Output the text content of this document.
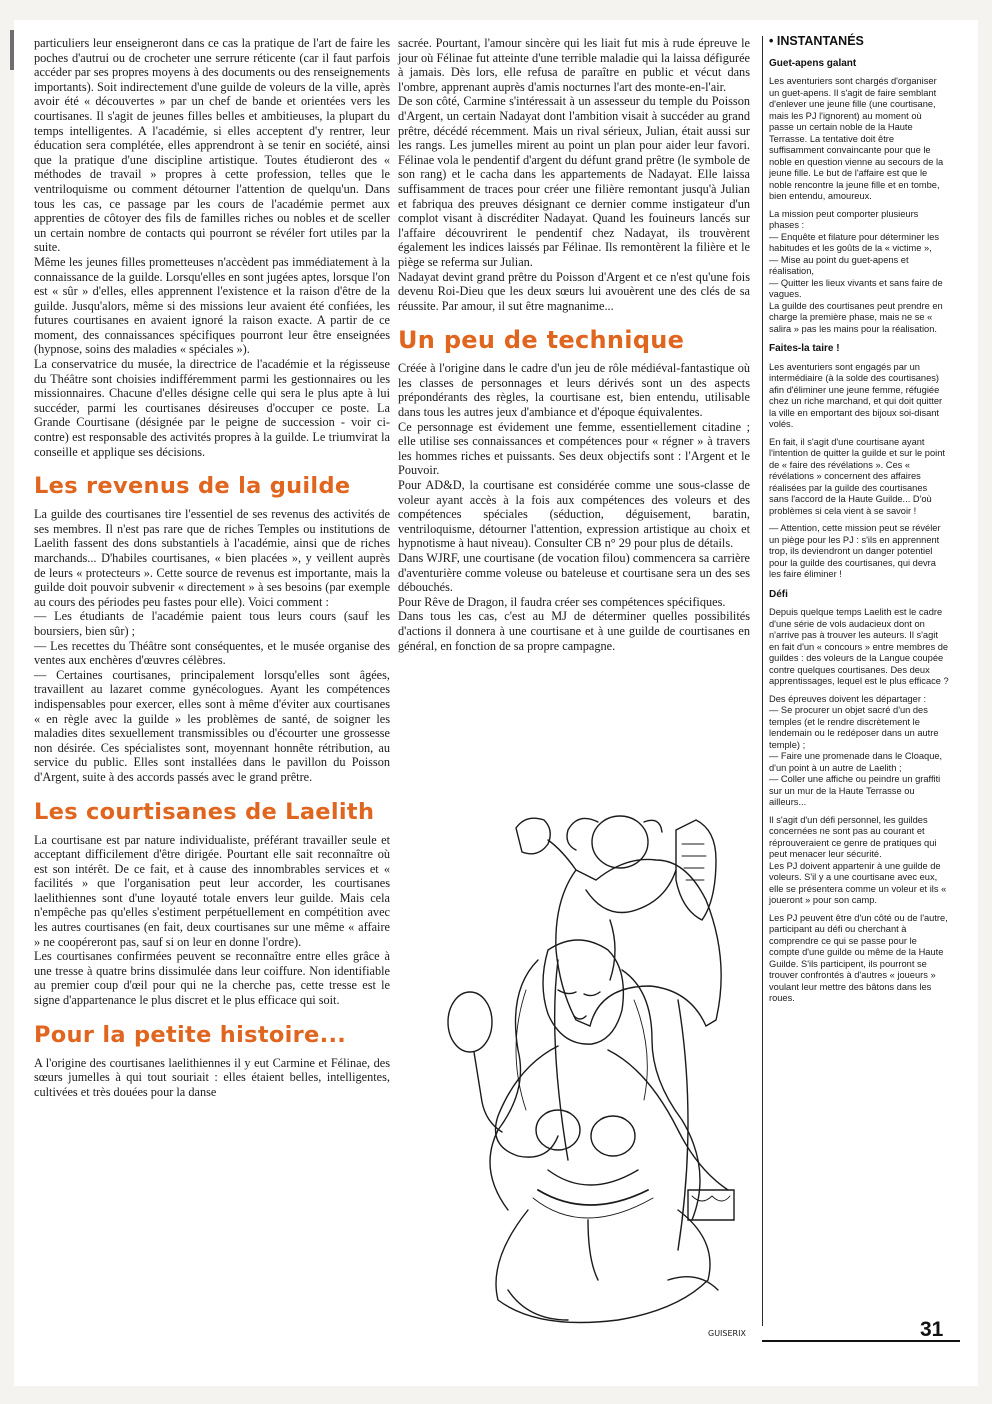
particuliers leur enseigneront dans ce cas la pratique de l'art de faire les poches d'autrui ou de crocheter une serrure réticente (car il faut parfois accéder par ses propres moyens à des documents ou des renseignements importants). Soit indirectement d'une guilde de voleurs de la ville, après avoir été « découvertes » par un chef de bande et orientées vers les courtisanes. Il s'agit de jeunes filles belles et ambitieuses, la plupart du temps intelligentes. A l'académie, si elles acceptent d'y rentrer, leur éducation sera complétée, elles apprendront à se tenir en société, ainsi que la pratique d'une discipline artistique. Toutes étudieront des « méthodes de travail » propres à cette profession, telles que le ventriloquisme ou comment détourner l'attention de quelqu'un. Dans tous les cas, ce passage par les cours de l'académie permet aux apprenties de côtoyer des fils de familles riches ou nobles et de sceller un certain nombre de contacts qui pourront se révéler fort utiles par la suite.

Même les jeunes filles prometteuses n'accèdent pas immédiatement à la connaissance de la guilde. Lorsqu'elles en sont jugées aptes, lorsque l'on est « sûr » d'elles, elles apprennent l'existence et la raison d'être de la guilde. Jusqu'alors, même si des missions leur avaient été confiées, les futures courtisanes en avaient ignoré la raison exacte. A partir de ce moment, des connaissances spécifiques pourront leur être enseignées (hypnose, soins des maladies « spéciales »).

La conservatrice du musée, la directrice de l'académie et la régisseuse du Théâtre sont choisies indifféremment parmi les gestionnaires ou les missionnaires. Chacune d'elles désigne celle qui sera le plus apte à lui succéder, parmi les courtisanes désireuses d'occuper ce poste. La Grande Courtisane (désignée par le peigne de succession - voir ci-contre) est responsable des activités propres à la guilde. Le triumvirat la conseille et applique ses décisions.

Les revenus de la guilde

La guilde des courtisanes tire l'essentiel de ses revenus des activités de ses membres. Il n'est pas rare que de riches Temples ou institutions de Laelith fassent des dons substantiels à l'académie, ainsi que de riches marchands... D'habiles courtisanes, « bien placées », y veillent auprès de leurs « protecteurs ». Cette source de revenus est importante, mais la guilde doit pouvoir subvenir « directement » à ses besoins (par exemple au cours des périodes peu fastes pour elle). Voici comment :

— Les étudiants de l'académie paient tous leurs cours (sauf les boursiers, bien sûr) ;

— Les recettes du Théâtre sont conséquentes, et le musée organise des ventes aux enchères d'œuvres célèbres.

— Certaines courtisanes, principalement lorsqu'elles sont âgées, travaillent au lazaret comme gynécologues. Ayant les compétences indispensables pour exercer, elles sont à même d'éviter aux courtisanes « en règle avec la guilde » les problèmes de santé, de soigner les maladies dites sexuellement transmissibles ou d'écourter une grossesse non désirée. Ces spécialistes sont, moyennant honnête rétribution, au service du public. Elles sont installées dans le pavillon du Poisson d'Argent, suite à des accords passés avec le grand prêtre.

Les courtisanes de Laelith

La courtisane est par nature individualiste, préférant travailler seule et acceptant difficilement d'être dirigée. Pourtant elle sait reconnaître où est son intérêt. De ce fait, et à cause des innombrables services et « facilités » que l'organisation peut leur accorder, les courtisanes laelithiennes sont d'une loyauté totale envers leur guilde. Mais cela n'empêche pas qu'elles s'estiment perpétuellement en compétition avec les autres courtisanes (en fait, deux courtisanes sur une même « affaire » ne coopéreront pas, sauf si on leur en donne l'ordre).

Les courtisanes confirmées peuvent se reconnaître entre elles grâce à une tresse à quatre brins dissimulée dans leur coiffure. Non identifiable au premier coup d'œil pour qui ne la cherche pas, cette tresse est le signe d'appartenance le plus discret et le plus efficace qui soit.

Pour la petite histoire...

A l'origine des courtisanes laelithiennes il y eut Carmine et Félinae, des sœurs jumelles à qui tout souriait : elles étaient belles, intelligentes, cultivées et très douées pour la danse

sacrée. Pourtant, l'amour sincère qui les liait fut mis à rude épreuve le jour où Félinae fut atteinte d'une terrible maladie qui la laissa défigurée à jamais. Dès lors, elle refusa de paraître en public et vécut dans l'ombre, apprenant auprès d'amis nocturnes l'art des monte-en-l'air.

De son côté, Carmine s'intéressait à un assesseur du temple du Poisson d'Argent, un certain Nadayat dont l'ambition visait à succéder au grand prêtre, décédé récemment. Mais un rival sérieux, Julian, était aussi sur les rangs. Les jumelles mirent au point un plan pour aider leur favori. Félinae vola le pendentif d'argent du défunt grand prêtre (le symbole de son rang) et le cacha dans les appartements de Nadayat. Elle laissa suffisamment de traces pour créer une filière remontant jusqu'à Julian et fabriqua des preuves désignant ce dernier comme instigateur d'un complot visant à discréditer Nadayat. Quand les fouineurs lancés sur l'affaire découvrirent le pendentif chez Nadayat, ils trouvèrent également les indices laissés par Félinae. Ils remontèrent la filière et le piège se referma sur Julian.

Nadayat devint grand prêtre du Poisson d'Argent et ce n'est qu'une fois devenu Roi-Dieu que les deux sœurs lui avouèrent une des clés de sa réussite. Par amour, il sut être magnanime...

Un peu de technique

Créée à l'origine dans le cadre d'un jeu de rôle médiéval-fantastique où les classes de personnages et leurs dérivés sont un des aspects prépondérants des règles, la courtisane est, bien entendu, utilisable dans tous les autres jeux d'ambiance et d'époque équivalentes.

Ce personnage est évidement une femme, essentiellement citadine ; elle utilise ses connaissances et compétences pour « régner » à travers les hommes riches et puissants. Ses deux objectifs sont : l'Argent et le Pouvoir.

Pour AD&D, la courtisane est considérée comme une sous-classe de voleur ayant accès à la fois aux compétences des voleurs et des compétences spéciales (séduction, déguisement, baratin, ventriloquisme, détourner l'attention, expression artistique au choix et hypnotisme à haut niveau). Consulter CB n° 29 pour plus de détails.

Dans WJRF, une courtisane (de vocation filou) commencera sa carrière d'aventurière comme voleuse ou bateleuse et courtisane sera un des ses débouchés.

Pour Rêve de Dragon, il faudra créer ses compétences spécifiques.

Dans tous les cas, c'est au MJ de déterminer quelles possibilités d'actions il donnera à une courtisane et à une guilde de courtisanes en général, en fonction de sa propre campagne.

GUISERIX
• INSTANTANÉS
Guet-apens galant

Les aventuriers sont chargés d'organiser un guet-apens. Il s'agit de faire semblant d'enlever une jeune fille (une courtisane, mais les PJ l'ignorent) au moment où passe un certain noble de la Haute Terrasse. La tentative doit être suffisamment convaincante pour que le noble en question vienne au secours de la jeune fille. Le but de l'affaire est que le noble rencontre la jeune fille et en tombe, bien entendu, amoureux.

La mission peut comporter plusieurs phases :
— Enquête et filature pour déterminer les habitudes et les goûts de la « victime »,
— Mise au point du guet-apens et réalisation,
— Quitter les lieux vivants et sans faire de vagues.
La guilde des courtisanes peut prendre en charge la première phase, mais ne se « salira » pas les mains pour la réalisation.

Faites-la taire !

Les aventuriers sont engagés par un intermédiaire (à la solde des courtisanes) afin d'éliminer une jeune femme, réfugiée chez un riche marchand, et qui doit quitter la ville en emportant des bijoux soi-disant volés.

En fait, il s'agit d'une courtisane ayant l'intention de quitter la guilde et sur le point de « faire des révélations ». Ces « révélations » concernent des affaires réalisées par la guilde des courtisanes sans l'accord de la Haute Guilde... D'où problèmes si cela vient à se savoir !

— Attention, cette mission peut se révéler un piège pour les PJ : s'ils en apprennent trop, ils deviendront un danger potentiel pour la guilde des courtisanes, qui devra les faire éliminer !

Défi

Depuis quelque temps Laelith est le cadre d'une série de vols audacieux dont on n'arrive pas à trouver les auteurs. Il s'agit en fait d'un « concours » entre membres de guildes : des voleurs de la Langue coupée contre quelques courtisanes. Des deux apprentissages, lequel est le plus efficace ?

Des épreuves doivent les départager :
— Se procurer un objet sacré d'un des temples (et le rendre discrètement le lendemain ou le redéposer dans un autre temple) ;
— Faire une promenade dans le Cloaque, d'un point à un autre de Laelith ;
— Coller une affiche ou peindre un graffiti sur un mur de la Haute Terrasse ou ailleurs...

Il s'agit d'un défi personnel, les guildes concernées ne sont pas au courant et réprouveraient ce genre de pratiques qui peut menacer leur sécurité.
Les PJ doivent appartenir à une guilde de voleurs. S'il y a une courtisane avec eux, elle se présentera comme un voleur et ils « joueront » pour son camp.

Les PJ peuvent être d'un côté ou de l'autre, participant au défi ou cherchant à comprendre ce qui se passe pour le compte d'une guilde ou même de la Haute Guilde. S'ils participent, ils pourront se trouver confrontés à d'autres « joueurs » voulant leur mettre des bâtons dans les roues.

31
